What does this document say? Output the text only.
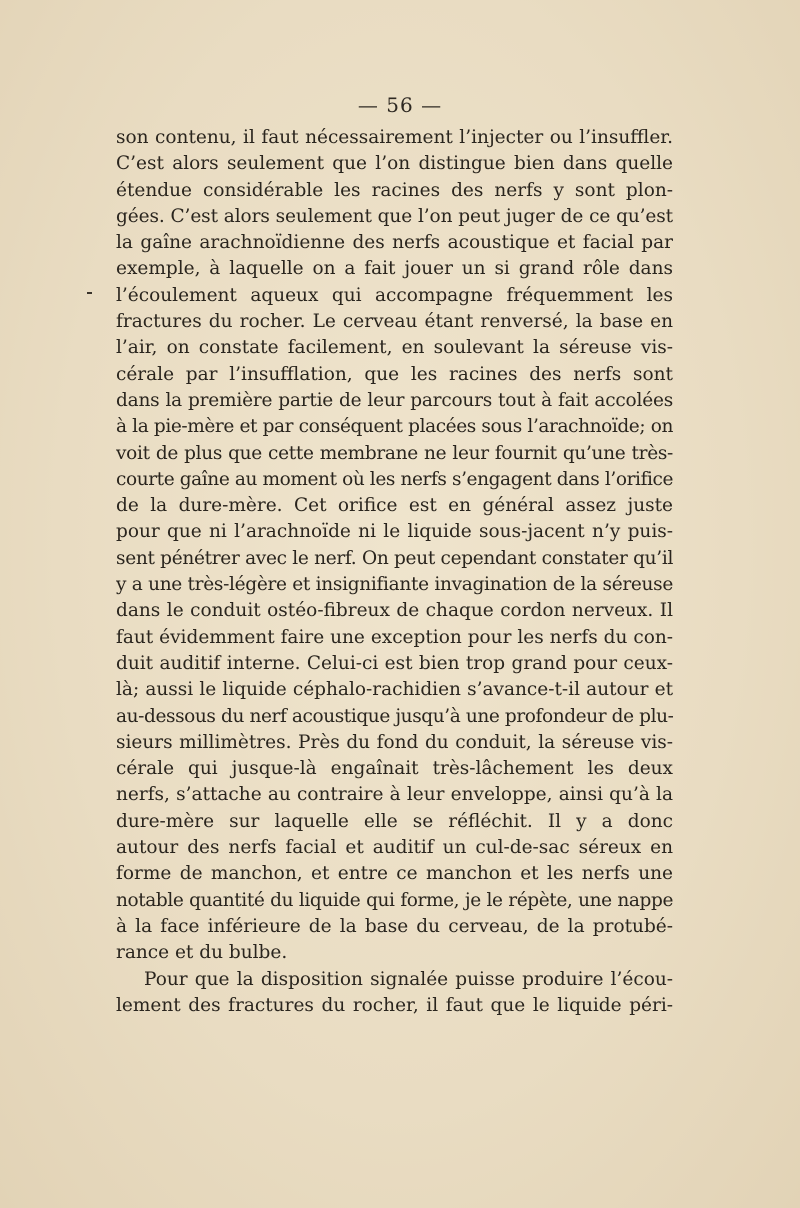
— 56 —
son contenu, il faut nécessairement l’injecter ou l’insuffler.
C’est alors seulement que l’on distingue bien dans quelle
étendue considérable les racines des nerfs y sont plon-
gées. C’est alors seulement que l’on peut juger de ce qu’est
la gaîne arachnoïdienne des nerfs acoustique et facial par
exemple, à laquelle on a fait jouer un si grand rôle dans
l’écoulement aqueux qui accompagne fréquemment les
fractures du rocher. Le cerveau étant renversé, la base en
l’air, on constate facilement, en soulevant la séreuse vis-
cérale par l’insufflation, que les racines des nerfs sont
dans la première partie de leur parcours tout à fait accolées
à la pie-mère et par conséquent placées sous l’arachnoïde; on
voit de plus que cette membrane ne leur fournit qu’une très-
courte gaîne au moment où les nerfs s’engagent dans l’orifice
de la dure-mère. Cet orifice est en général assez juste
pour que ni l’arachnoïde ni le liquide sous-jacent n’y puis-
sent pénétrer avec le nerf. On peut cependant constater qu’il
y a une très-légère et insignifiante invagination de la séreuse
dans le conduit ostéo-fibreux de chaque cordon nerveux. Il
faut évidemment faire une exception pour les nerfs du con-
duit auditif interne. Celui-ci est bien trop grand pour ceux-
là; aussi le liquide céphalo-rachidien s’avance-t-il autour et
au-dessous du nerf acoustique jusqu’à une profondeur de plu-
sieurs millimètres. Près du fond du conduit, la séreuse vis-
cérale qui jusque-là engaînait très-lâchement les deux
nerfs, s’attache au contraire à leur enveloppe, ainsi qu’à la
dure-mère sur laquelle elle se réfléchit. Il y a donc
autour des nerfs facial et auditif un cul-de-sac séreux en
forme de manchon, et entre ce manchon et les nerfs une
notable quantité du liquide qui forme, je le répète, une nappe
à la face inférieure de la base du cerveau, de la protubé-
rance et du bulbe.
Pour que la disposition signalée puisse produire l’écou-
lement des fractures du rocher, il faut que le liquide péri-
